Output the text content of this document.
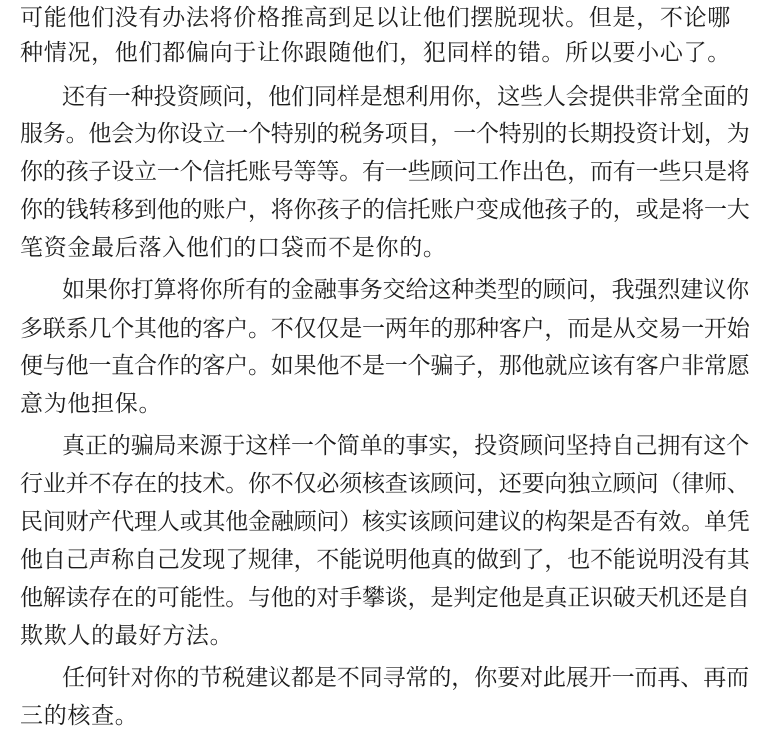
可能他们没有办法将价格推高到足以让他们摆脱现状。但是，不论哪
种情况，他们都偏向于让你跟随他们，犯同样的错。所以要小心了。
还有一种投资顾问，他们同样是想利用你，这些人会提供非常全面的
服务。他会为你设立一个特别的税务项目，一个特别的长期投资计划，为
你的孩子设立一个信托账号等等。有一些顾问工作出色，而有一些只是将
你的钱转移到他的账户，将你孩子的信托账户变成他孩子的，或是将一大
笔资金最后落入他们的口袋而不是你的。
如果你打算将你所有的金融事务交给这种类型的顾问，我强烈建议你
多联系几个其他的客户。不仅仅是一两年的那种客户，而是从交易一开始
便与他一直合作的客户。如果他不是一个骗子，那他就应该有客户非常愿
意为他担保。
真正的骗局来源于这样一个简单的事实，投资顾问坚持自己拥有这个
行业并不存在的技术。你不仅必须核查该顾问，还要向独立顾问（律师、
民间财产代理人或其他金融顾问）核实该顾问建议的构架是否有效。单凭
他自己声称自己发现了规律，不能说明他真的做到了，也不能说明没有其
他解读存在的可能性。与他的对手攀谈，是判定他是真正识破天机还是自
欺欺人的最好方法。
任何针对你的节税建议都是不同寻常的，你要对此展开一而再、再而
三的核查。
